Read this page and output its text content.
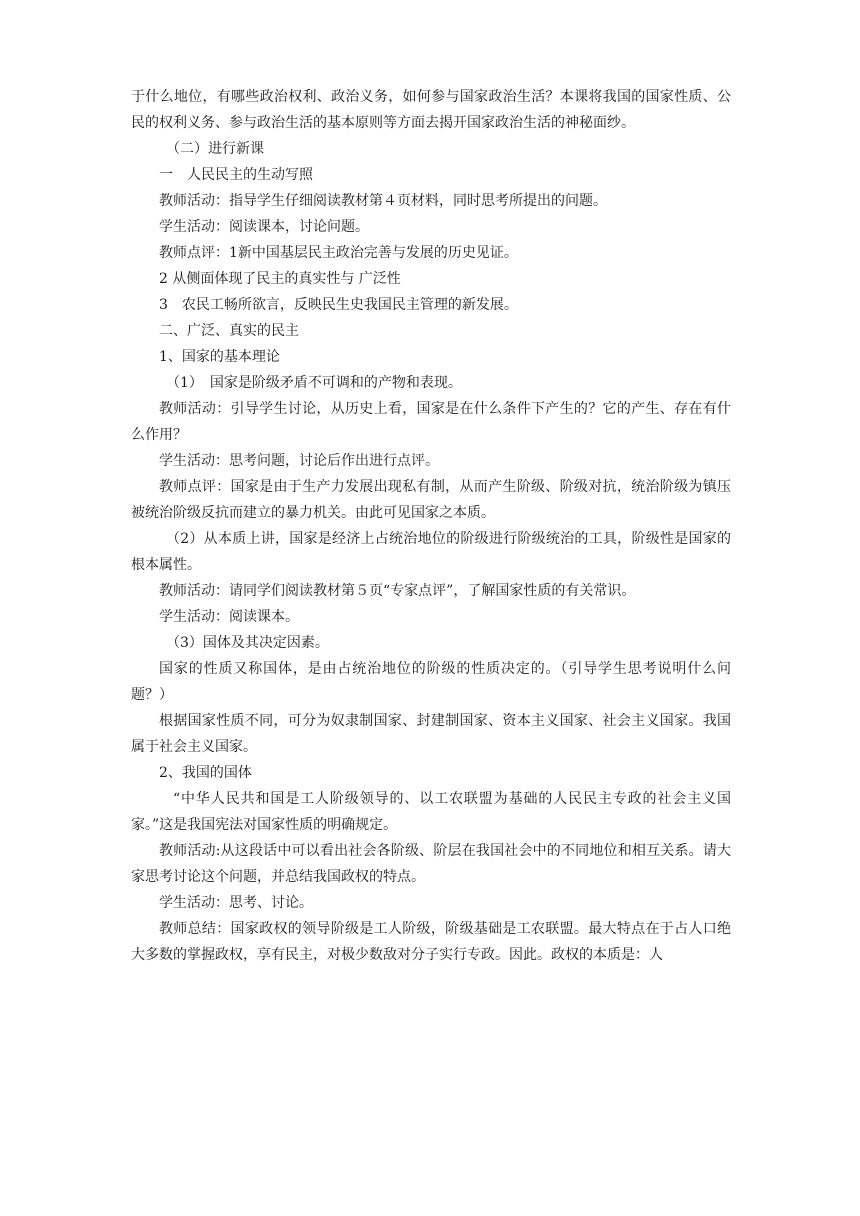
于什么地位，有哪些政治权利、政治义务，如何参与国家政治生活？本课将我国的国家性质、公民的权利义务、参与政治生活的基本原则等方面去揭开国家政治生活的神秘面纱。

（二）进行新课

一　人民民主的生动写照

教师活动：指导学生仔细阅读教材第４页材料，同时思考所提出的问题。

学生活动：阅读课本，讨论问题。

教师点评：1新中国基层民主政治完善与发展的历史见证。

2 从侧面体现了民主的真实性与 广泛性

3　农民工畅所欲言，反映民生史我国民主管理的新发展。

二、广泛、真实的民主

1、国家的基本理论

（1）　国家是阶级矛盾不可调和的产物和表现。

教师活动：引导学生讨论，从历史上看，国家是在什么条件下产生的？它的产生、存在有什么作用？

学生活动：思考问题，讨论后作出进行点评。

教师点评：国家是由于生产力发展出现私有制，从而产生阶级、阶级对抗，统治阶级为镇压被统治阶级反抗而建立的暴力机关。由此可见国家之本质。

（2）从本质上讲，国家是经济上占统治地位的阶级进行阶级统治的工具，阶级性是国家的根本属性。

教师活动：请同学们阅读教材第５页“专家点评”，了解国家性质的有关常识。

学生活动：阅读课本。

（3）国体及其决定因素。

国家的性质又称国体，是由占统治地位的阶级的性质决定的。（引导学生思考说明什么问题？）

根据国家性质不同，可分为奴隶制国家、封建制国家、资本主义国家、社会主义国家。我国属于社会主义国家。

2、我国的国体

“中华人民共和国是工人阶级领导的、以工农联盟为基础的人民民主专政的社会主义国家。”这是我国宪法对国家性质的明确规定。

教师活动:从这段话中可以看出社会各阶级、阶层在我国社会中的不同地位和相互关系。请大家思考讨论这个问题，并总结我国政权的特点。

学生活动：思考、讨论。

教师总结：国家政权的领导阶级是工人阶级，阶级基础是工农联盟。最大特点在于占人口绝大多数的掌握政权，享有民主，对极少数敌对分子实行专政。因此。政权的本质是：人
